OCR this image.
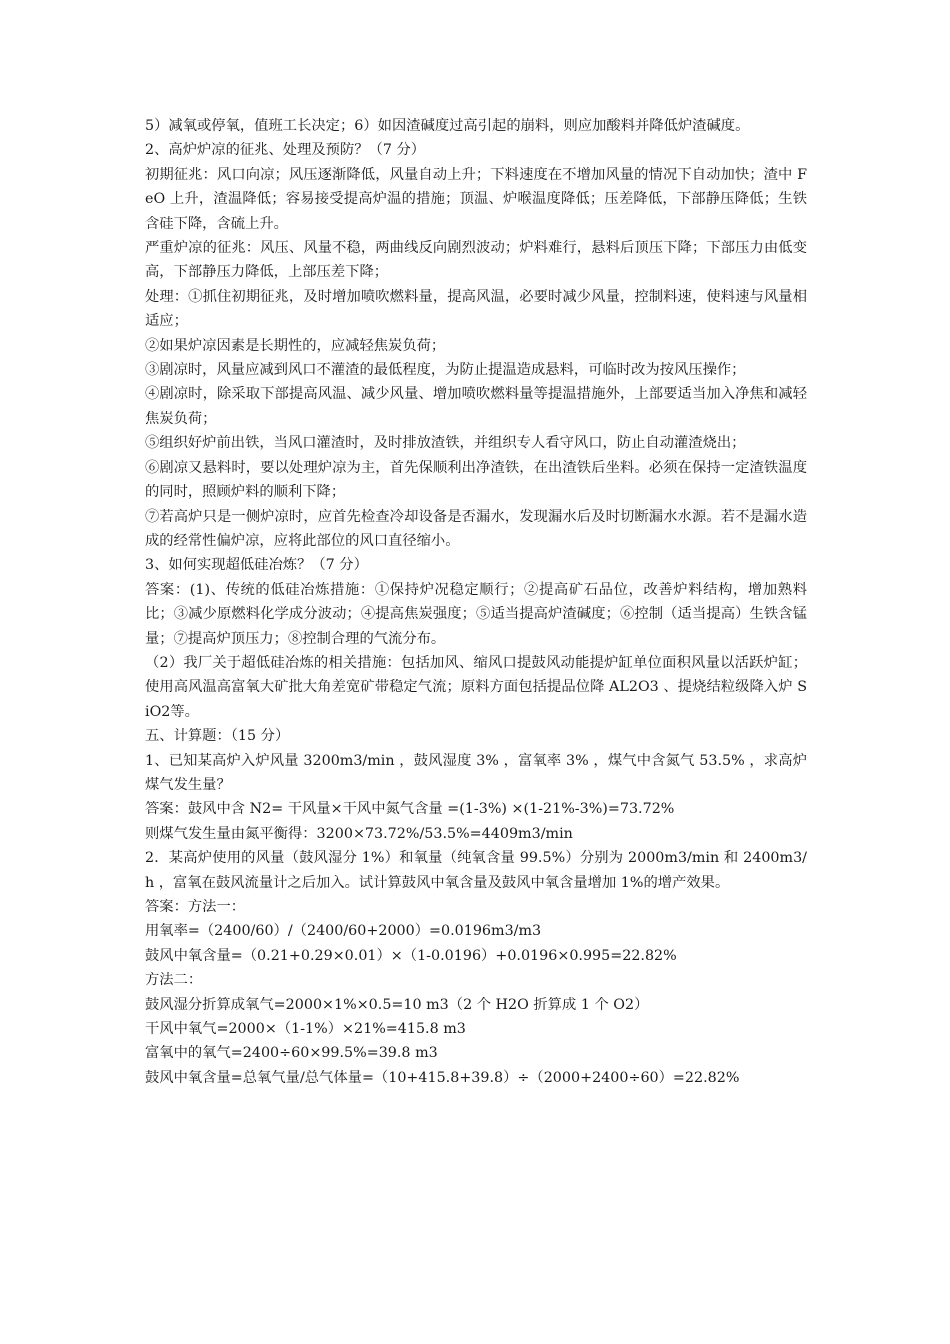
5）减氧或停氧，值班工长决定；6）如因渣碱度过高引起的崩料，则应加酸料并降低炉渣碱度。

2、高炉炉凉的征兆、处理及预防？（7 分）

初期征兆：风口向凉；风压逐渐降低，风量自动上升；下料速度在不增加风量的情况下自动加快；渣中 FeO 上升，渣温降低；容易接受提高炉温的措施；顶温、炉喉温度降低；压差降低，下部静压降低；生铁含硅下降，含硫上升。

严重炉凉的征兆：风压、风量不稳，两曲线反向剧烈波动；炉料难行，悬料后顶压下降；下部压力由低变高，下部静压力降低，上部压差下降；

处理：①抓住初期征兆，及时增加喷吹燃料量，提高风温，必要时减少风量，控制料速，使料速与风量相适应；

②如果炉凉因素是长期性的，应减轻焦炭负荷；

③剧凉时，风量应减到风口不灌渣的最低程度，为防止提温造成悬料，可临时改为按风压操作；

④剧凉时，除采取下部提高风温、减少风量、增加喷吹燃料量等提温措施外，上部要适当加入净焦和减轻焦炭负荷；

⑤组织好炉前出铁，当风口灌渣时，及时排放渣铁，并组织专人看守风口，防止自动灌渣烧出；

⑥剧凉又悬料时，要以处理炉凉为主，首先保顺利出净渣铁，在出渣铁后坐料。必须在保持一定渣铁温度的同时，照顾炉料的顺利下降；

⑦若高炉只是一侧炉凉时，应首先检查冷却设备是否漏水，发现漏水后及时切断漏水水源。若不是漏水造成的经常性偏炉凉，应将此部位的风口直径缩小。

3、如何实现超低硅冶炼？（7 分）

答案：(1)、传统的低硅冶炼措施：①保持炉况稳定顺行；②提高矿石品位，改善炉料结构，增加熟料比；③减少原燃料化学成分波动；④提高焦炭强度；⑤适当提高炉渣碱度；⑥控制（适当提高）生铁含锰量；⑦提高炉顶压力；⑧控制合理的气流分布。

（2）我厂关于超低硅冶炼的相关措施：包括加风、缩风口提鼓风动能提炉缸单位面积风量以活跃炉缸；使用高风温高富氧大矿批大角差宽矿带稳定气流；原料方面包括提品位降 AL2O3 、提烧结粒级降入炉 SiO2等。

五、计算题：（15 分）

1、已知某高炉入炉风量 3200m3/min ，鼓风湿度 3% ，富氧率 3% ，煤气中含氮气 53.5% ，求高炉煤气发生量？

答案：鼓风中含 N2= 干风量×干风中氮气含量 =(1-3%) ×(1-21%-3%)=73.72%

则煤气发生量由氮平衡得：3200×73.72%/53.5%=4409m3/min

2．某高炉使用的风量（鼓风湿分 1%）和氧量（纯氧含量 99.5%）分别为 2000m3/min 和 2400m3/h ，富氧在鼓风流量计之后加入。试计算鼓风中氧含量及鼓风中氧含量增加 1%的增产效果。

答案：方法一：

用氧率=（2400/60）/（2400/60+2000）=0.0196m3/m3

鼓风中氧含量=（0.21+0.29×0.01）×（1-0.0196）+0.0196×0.995=22.82%

方法二：

鼓风湿分折算成氧气=2000×1%×0.5=10 m3（2 个 H2O 折算成 1 个 O2）

干风中氧气=2000×（1-1%）×21%=415.8 m3

富氧中的氧气=2400÷60×99.5%=39.8 m3

鼓风中氧含量=总氧气量/总气体量=（10+415.8+39.8）÷（2000+2400÷60）=22.82%
